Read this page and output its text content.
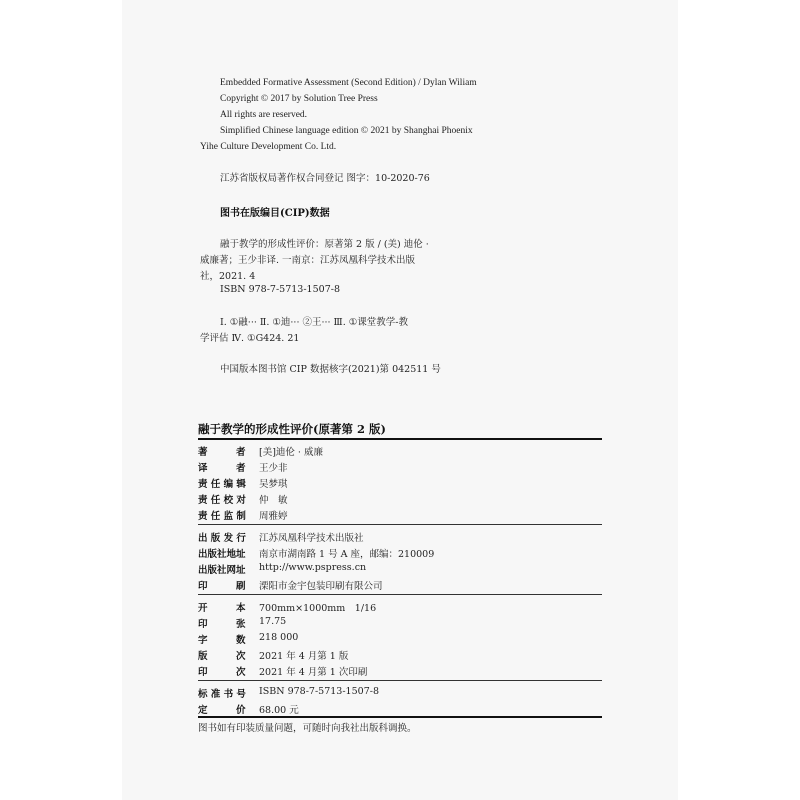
Embedded Formative Assessment (Second Edition) / Dylan Wiliam
Copyright © 2017 by Solution Tree Press
All rights are reserved.
Simplified Chinese language edition © 2021 by Shanghai Phoenix
Yihe Culture Development Co. Ltd.
江苏省版权局著作权合同登记 图字：10-2020-76
图书在版编目(CIP)数据
融于教学的形成性评价：原著第 2 版 / (美) 迪伦 ·
威廉著；王少非译. 一南京：江苏凤凰科学技术出版
社，2021. 4
ISBN 978-7-5713-1507-8
Ⅰ. ①融··· Ⅱ. ①迪··· ②王··· Ⅲ. ①课堂教学-教
学评估 Ⅳ. ①G424. 21
中国版本图书馆 CIP 数据核字(2021)第 042511 号
融于教学的形成性评价(原著第 2 版)
著　　　者	[美]迪伦 · 威廉
译　　　者	王少非
责 任 编 辑	吴梦琪
责 任 校 对	仲　敏
责 任 监 制	周雅婷
出 版 发 行	江苏凤凰科学技术出版社
出版社地址	南京市湖南路 1 号 A 座，邮编：210009
出版社网址	http://www.pspress.cn
印　　　刷	溧阳市金宇包装印刷有限公司
开　　　本	700mm×1000mm　1/16
印　　　张	17.75
字　　　数	218 000
版　　　次	2021 年 4 月第 1 版
印　　　次	2021 年 4 月第 1 次印刷
标 准 书 号	ISBN 978-7-5713-1507-8
定　　　价	68.00 元
图书如有印装质量问题，可随时向我社出版科调换。
